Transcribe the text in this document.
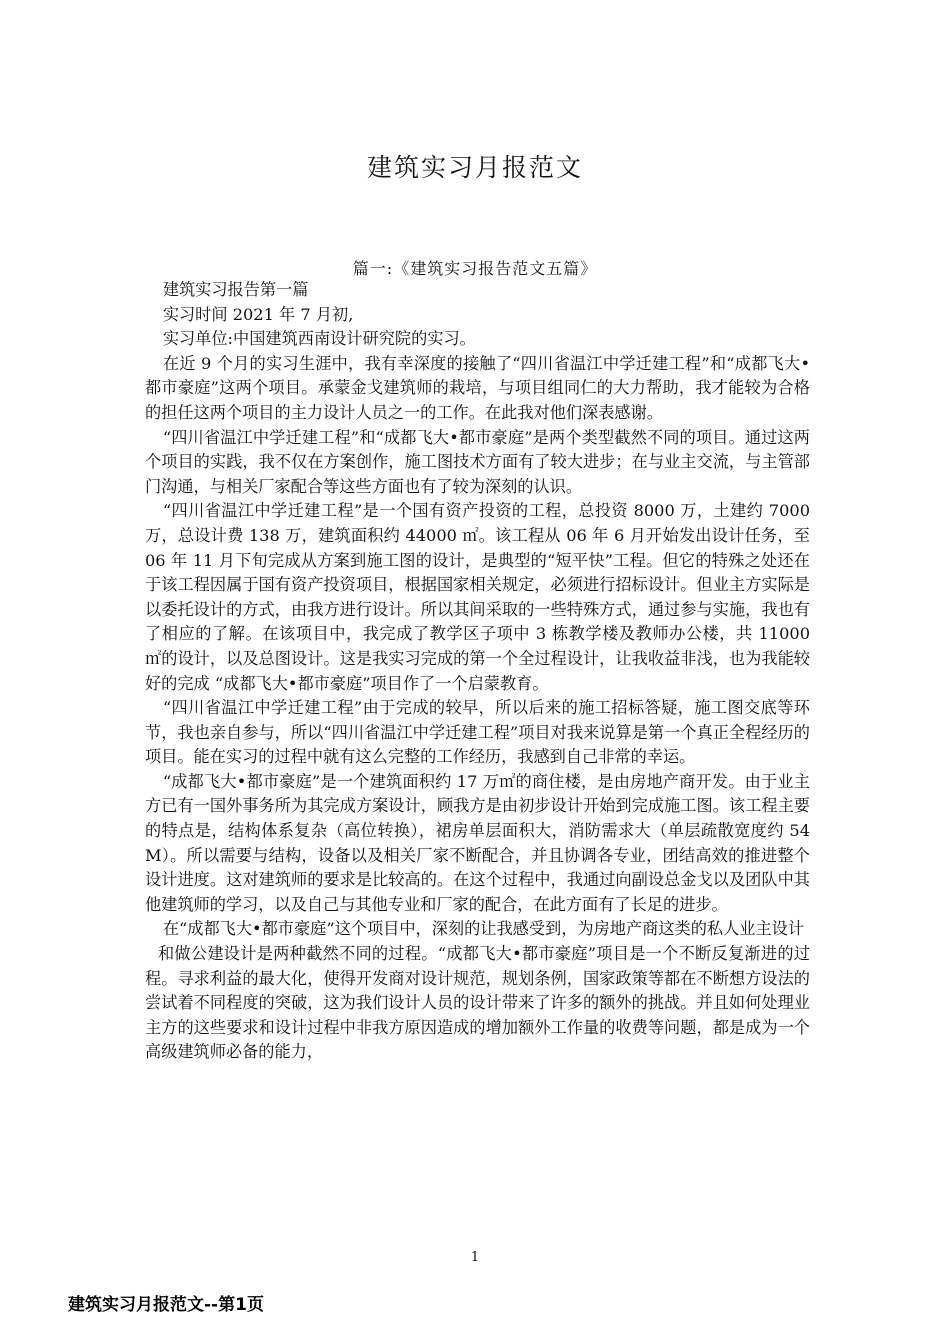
建筑实习月报范文
篇一:《建筑实习报告范文五篇》

建筑实习报告第一篇

实习时间 2021 年 7 月初,

实习单位:中国建筑西南设计研究院的实习。

在近 9 个月的实习生涯中，我有幸深度的接触了“四川省温江中学迁建工程”和“成都飞大•都市豪庭”这两个项目。承蒙金戈建筑师的栽培，与项目组同仁的大力帮助，我才能较为合格的担任这两个项目的主力设计人员之一的工作。在此我对他们深表感谢。

“四川省温江中学迁建工程”和“成都飞大•都市豪庭”是两个类型截然不同的项目。通过这两个项目的实践，我不仅在方案创作，施工图技术方面有了较大进步；在与业主交流，与主管部门沟通，与相关厂家配合等这些方面也有了较为深刻的认识。

“四川省温江中学迁建工程”是一个国有资产投资的工程，总投资 8000 万，土建约 7000 万，总设计费 138 万，建筑面积约 44000 ㎡。该工程从 06 年 6 月开始发出设计任务，至 06 年 11 月下旬完成从方案到施工图的设计，是典型的“短平快”工程。但它的特殊之处还在于该工程因属于国有资产投资项目，根据国家相关规定，必须进行招标设计。但业主方实际是以委托设计的方式，由我方进行设计。所以其间采取的一些特殊方式，通过参与实施，我也有了相应的了解。在该项目中，我完成了教学区子项中 3 栋教学楼及教师办公楼，共 11000 ㎡的设计，以及总图设计。这是我实习完成的第一个全过程设计，让我收益非浅，也为我能较好的完成 “成都飞大•都市豪庭”项目作了一个启蒙教育。

“四川省温江中学迁建工程”由于完成的较早，所以后来的施工招标答疑，施工图交底等环节，我也亲自参与，所以“四川省温江中学迁建工程”项目对我来说算是第一个真正全程经历的项目。能在实习的过程中就有这么完整的工作经历，我感到自己非常的幸运。

“成都飞大•都市豪庭”是一个建筑面积约 17 万㎡的商住楼，是由房地产商开发。由于业主方已有一国外事务所为其完成方案设计，顾我方是由初步设计开始到完成施工图。该工程主要的特点是，结构体系复杂（高位转换），裙房单层面积大，消防需求大（单层疏散宽度约 54M）。所以需要与结构，设备以及相关厂家不断配合，并且协调各专业，团结高效的推进整个设计进度。这对建筑师的要求是比较高的。在这个过程中，我通过向副设总金戈以及团队中其他建筑师的学习，以及自己与其他专业和厂家的配合，在此方面有了长足的进步。

在“成都飞大•都市豪庭”这个项目中，深刻的让我感受到，为房地产商这类的私人业主设计

和做公建设计是两种截然不同的过程。“成都飞大•都市豪庭”项目是一个不断反复渐进的过程。寻求利益的最大化，使得开发商对设计规范，规划条例，国家政策等都在不断想方设法的尝试着不同程度的突破，这为我们设计人员的设计带来了许多的额外的挑战。并且如何处理业主方的这些要求和设计过程中非我方原因造成的增加额外工作量的收费等问题，都是成为一个高级建筑师必备的能力，

1
建筑实习月报范文--第1页
